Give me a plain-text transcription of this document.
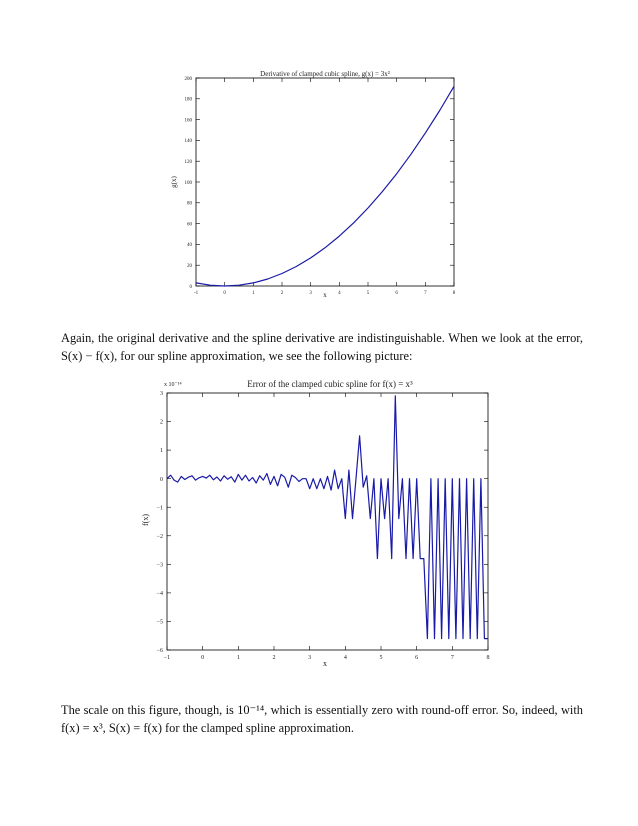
Derivative of clamped cubic spline, g(x) = 3x²
x
g(x)
-1	0	1	2	3	4	5	6	7	8
0
20
40
60
80
100
120
140
160
180
200

Again, the original derivative and the spline derivative are indistinguishable. When we look at the error, S(x) − f(x), for our spline approximation, we see the following picture:

Error of the clamped cubic spline for f(x) = x³
x 10⁻¹⁴
x
f(x)
−1	0	1	2	3	4	5	6	7	8
−6
−5
−4
−3
−2
−1
0
1
2
3

The scale on this figure, though, is 10⁻¹⁴, which is essentially zero with round-off error. So, indeed, with f(x) = x³, S(x) = f(x) for the clamped spline approximation.
